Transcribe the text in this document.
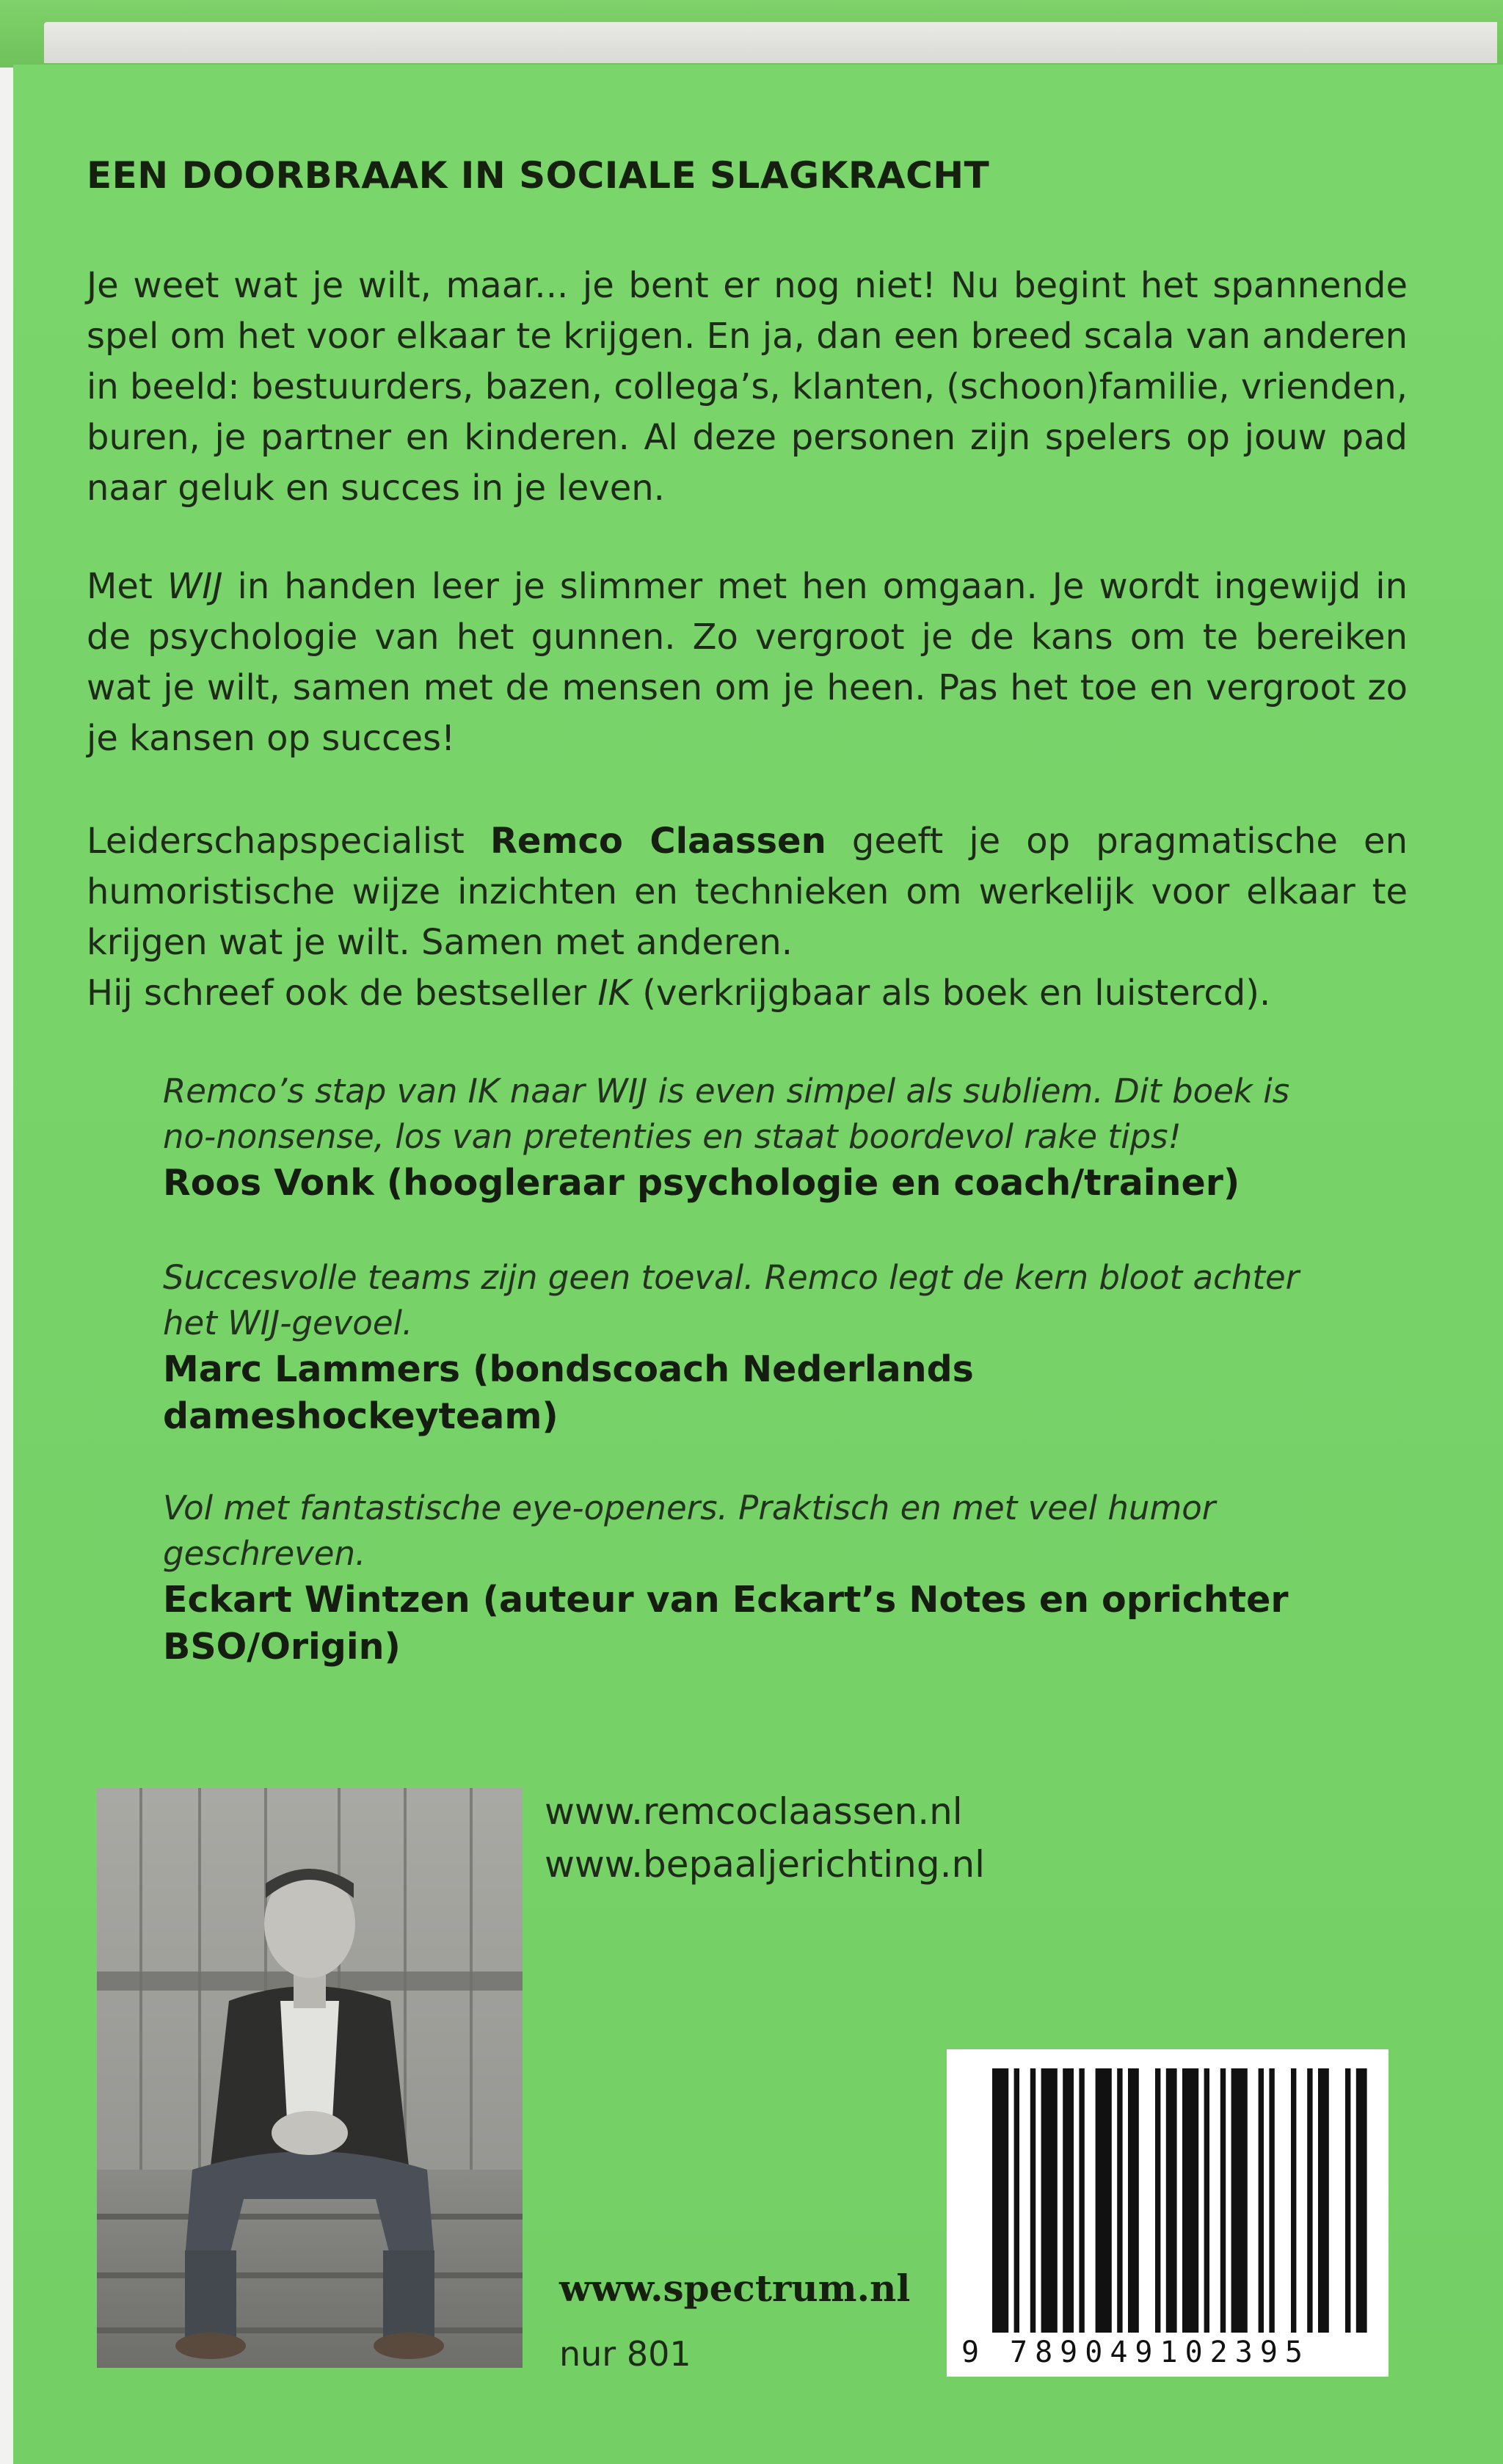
EEN DOORBRAAK IN SOCIALE SLAGKRACHT
Je weet wat je wilt, maar... je bent er nog niet! Nu begint het spannende spel om het voor elkaar te krijgen. En ja, dan een breed scala van anderen in beeld: bestuurders, bazen, collega’s, klanten, (schoon)familie, vrienden, buren, je partner en kinderen. Al deze personen zijn spelers op jouw pad naar geluk en succes in je leven.
Met WIJ in handen leer je slimmer met hen omgaan. Je wordt ingewijd in de psychologie van het gunnen. Zo vergroot je de kans om te bereiken wat je wilt, samen met de mensen om je heen. Pas het toe en vergroot zo je kansen op succes!
Leiderschapspecialist Remco Claassen geeft je op pragmatische en humoristische wijze inzichten en technieken om werkelijk voor elkaar te krijgen wat je wilt. Samen met anderen.
Hij schreef ook de bestseller IK (verkrijgbaar als boek en luistercd).
Remco’s stap van IK naar WIJ is even simpel als subliem. Dit boek is no-nonsense, los van pretenties en staat boordevol rake tips!
Roos Vonk (hoogleraar psychologie en coach/trainer)
Succesvolle teams zijn geen toeval. Remco legt de kern bloot achter het WIJ-gevoel.
Marc Lammers (bondscoach Nederlands dameshockeyteam)
Vol met fantastische eye-openers. Praktisch en met veel humor geschreven.
Eckart Wintzen (auteur van Eckart’s Notes en oprichter BSO/Origin)
www.remcoclaassen.nl
www.bepaaljerichting.nl
www.spectrum.nl
nur 801	9 789049102395
